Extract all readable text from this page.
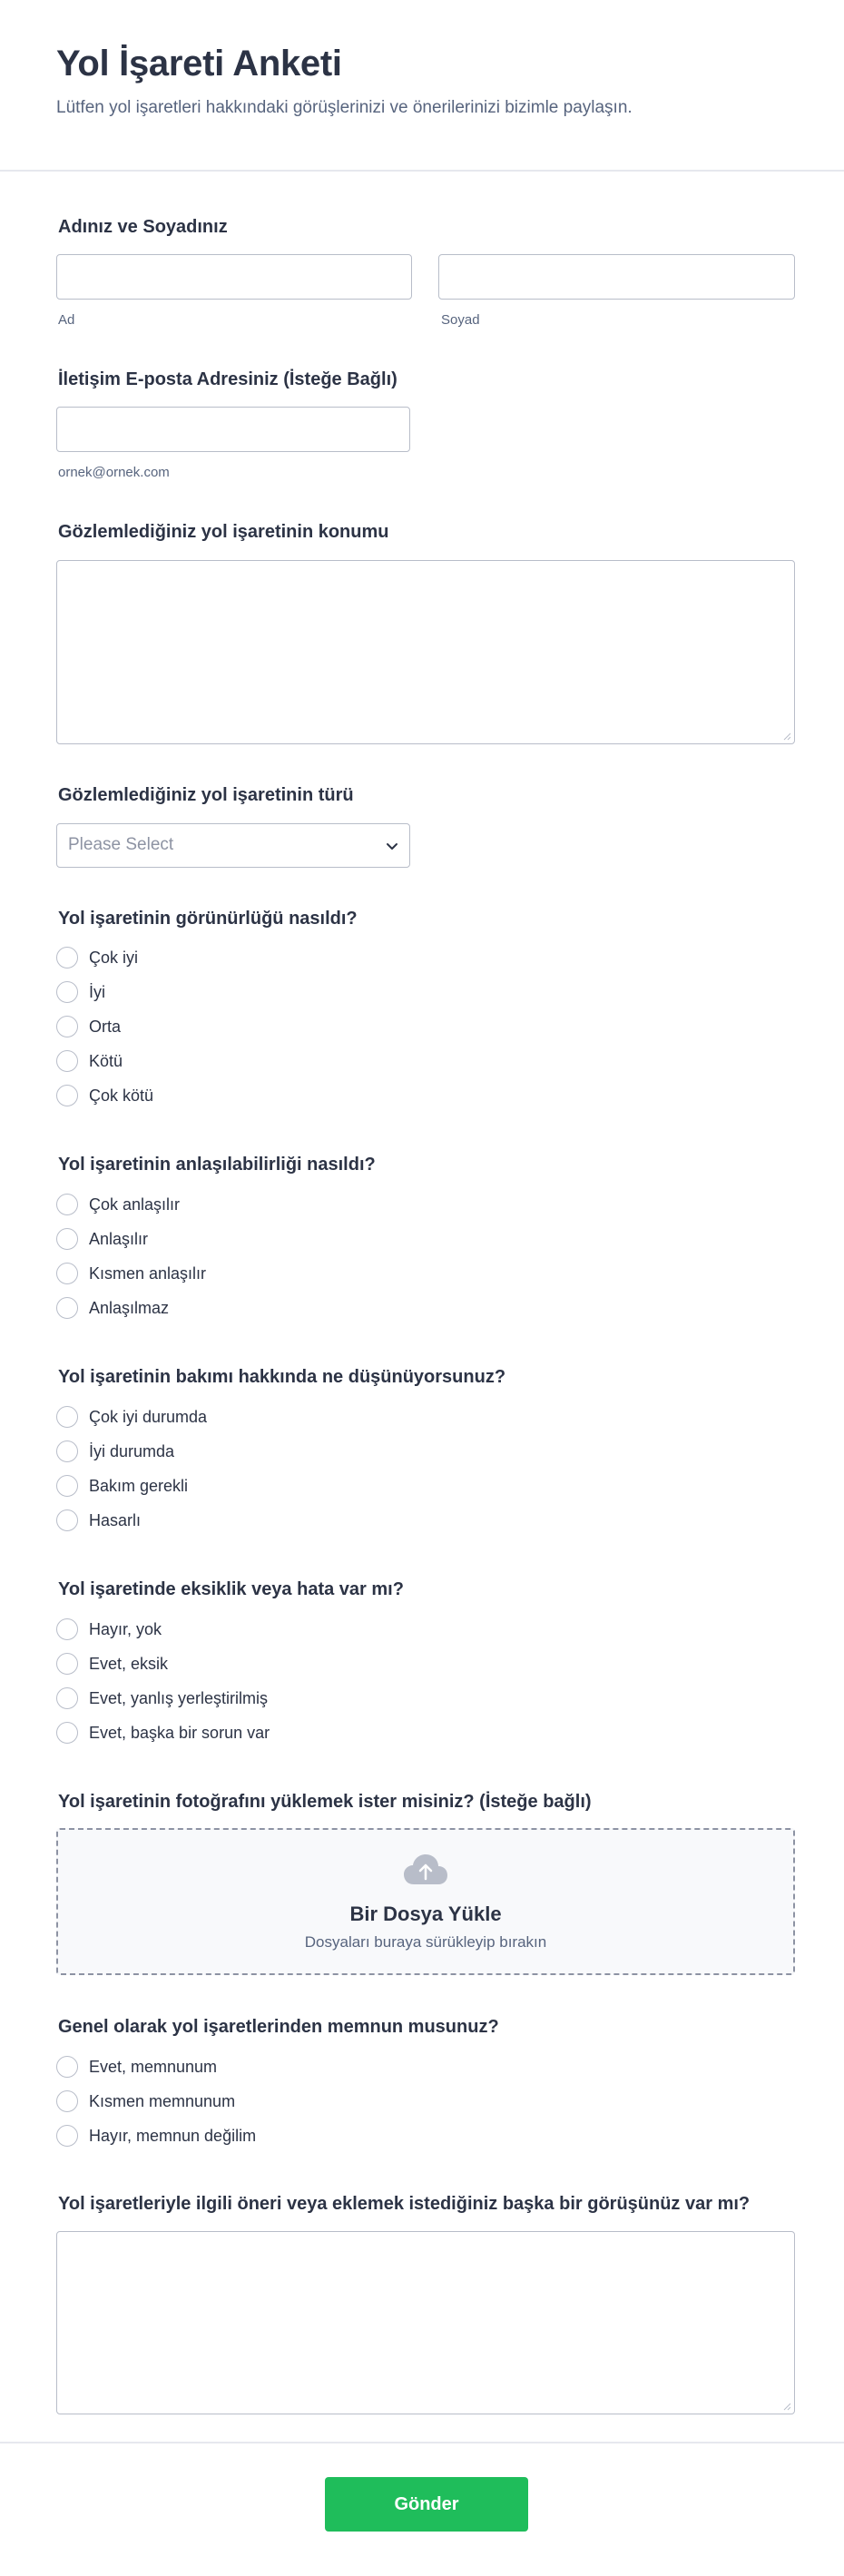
Yol İşareti Anketi
Lütfen yol işaretleri hakkındaki görüşlerinizi ve önerilerinizi bizimle paylaşın.
Adınız ve Soyadınız
Ad	Soyad
İletişim E-posta Adresiniz (İsteğe Bağlı)
ornek@ornek.com
Gözlemlediğiniz yol işaretinin konumu
Gözlemlediğiniz yol işaretinin türü
Please Select
Yol işaretinin görünürlüğü nasıldı?
Çok iyi
İyi
Orta
Kötü
Çok kötü
Yol işaretinin anlaşılabilirliği nasıldı?
Çok anlaşılır
Anlaşılır
Kısmen anlaşılır
Anlaşılmaz
Yol işaretinin bakımı hakkında ne düşünüyorsunuz?
Çok iyi durumda
İyi durumda
Bakım gerekli
Hasarlı
Yol işaretinde eksiklik veya hata var mı?
Hayır, yok
Evet, eksik
Evet, yanlış yerleştirilmiş
Evet, başka bir sorun var
Yol işaretinin fotoğrafını yüklemek ister misiniz? (İsteğe bağlı)
Bir Dosya Yükle
Dosyaları buraya sürükleyip bırakın
Genel olarak yol işaretlerinden memnun musunuz?
Evet, memnunum
Kısmen memnunum
Hayır, memnun değilim
Yol işaretleriyle ilgili öneri veya eklemek istediğiniz başka bir görüşünüz var mı?
Gönder
